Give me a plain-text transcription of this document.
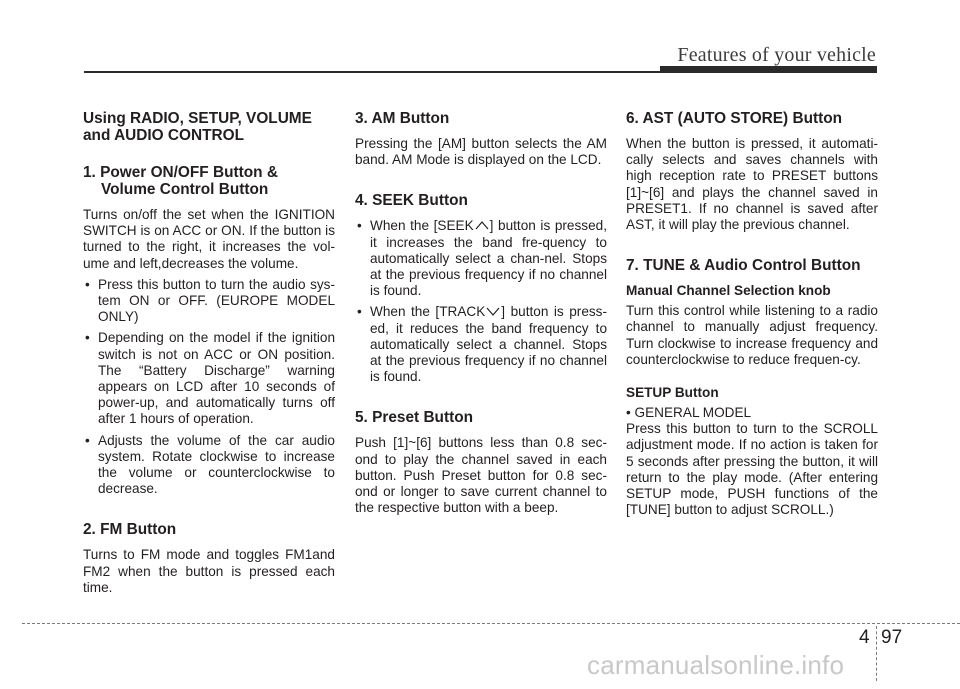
Features of your vehicle
Using RADIO, SETUP, VOLUME and AUDIO CONTROL
1. Power ON/OFF Button & Volume Control Button
Turns on/off the set when the IGNITION SWITCH is on ACC or ON. If the button is turned to the right, it increases the vol-ume and left,decreases the volume.
• Press this button to turn the audio sys-tem ON or OFF. (EUROPE MODEL ONLY)
• Depending on the model if the ignition switch is not on ACC or ON position. The “Battery Discharge” warning appears on LCD after 10 seconds of power-up, and automatically turns off after 1 hours of operation.
• Adjusts the volume of the car audio system. Rotate clockwise to increase the volume or counterclockwise to decrease.
2. FM Button
Turns to FM mode and toggles FM1and FM2 when the button is pressed each time.
3. AM Button
Pressing the [AM] button selects the AM band. AM Mode is displayed on the LCD.
4. SEEK Button
• When the [SEEK ] button is pressed, it increases the band fre-quency to automatically select a chan-nel. Stops at the previous frequency if no channel is found.
• When the [TRACK ] button is press-ed, it reduces the band frequency to automatically select a channel. Stops at the previous frequency if no channel is found.
5. Preset Button
Push [1]~[6] buttons less than 0.8 sec-ond to play the channel saved in each button. Push Preset button for 0.8 sec-ond or longer to save current channel to the respective button with a beep.
6. AST (AUTO STORE) Button
When the button is pressed, it automati-cally selects and saves channels with high reception rate to PRESET buttons [1]~[6] and plays the channel saved in PRESET1. If no channel is saved after AST, it will play the previous channel.
7. TUNE & Audio Control Button
Manual Channel Selection knob
Turn this control while listening to a radio channel to manually adjust frequency. Turn clockwise to increase frequency and counterclockwise to reduce frequen-cy.
SETUP Button
• GENERAL MODEL
Press this button to turn to the SCROLL adjustment mode. If no action is taken for 5 seconds after pressing the button, it will return to the play mode. (After entering SETUP mode, PUSH functions of the [TUNE] button to adjust SCROLL.)
4 97
carmanualsonline.info
